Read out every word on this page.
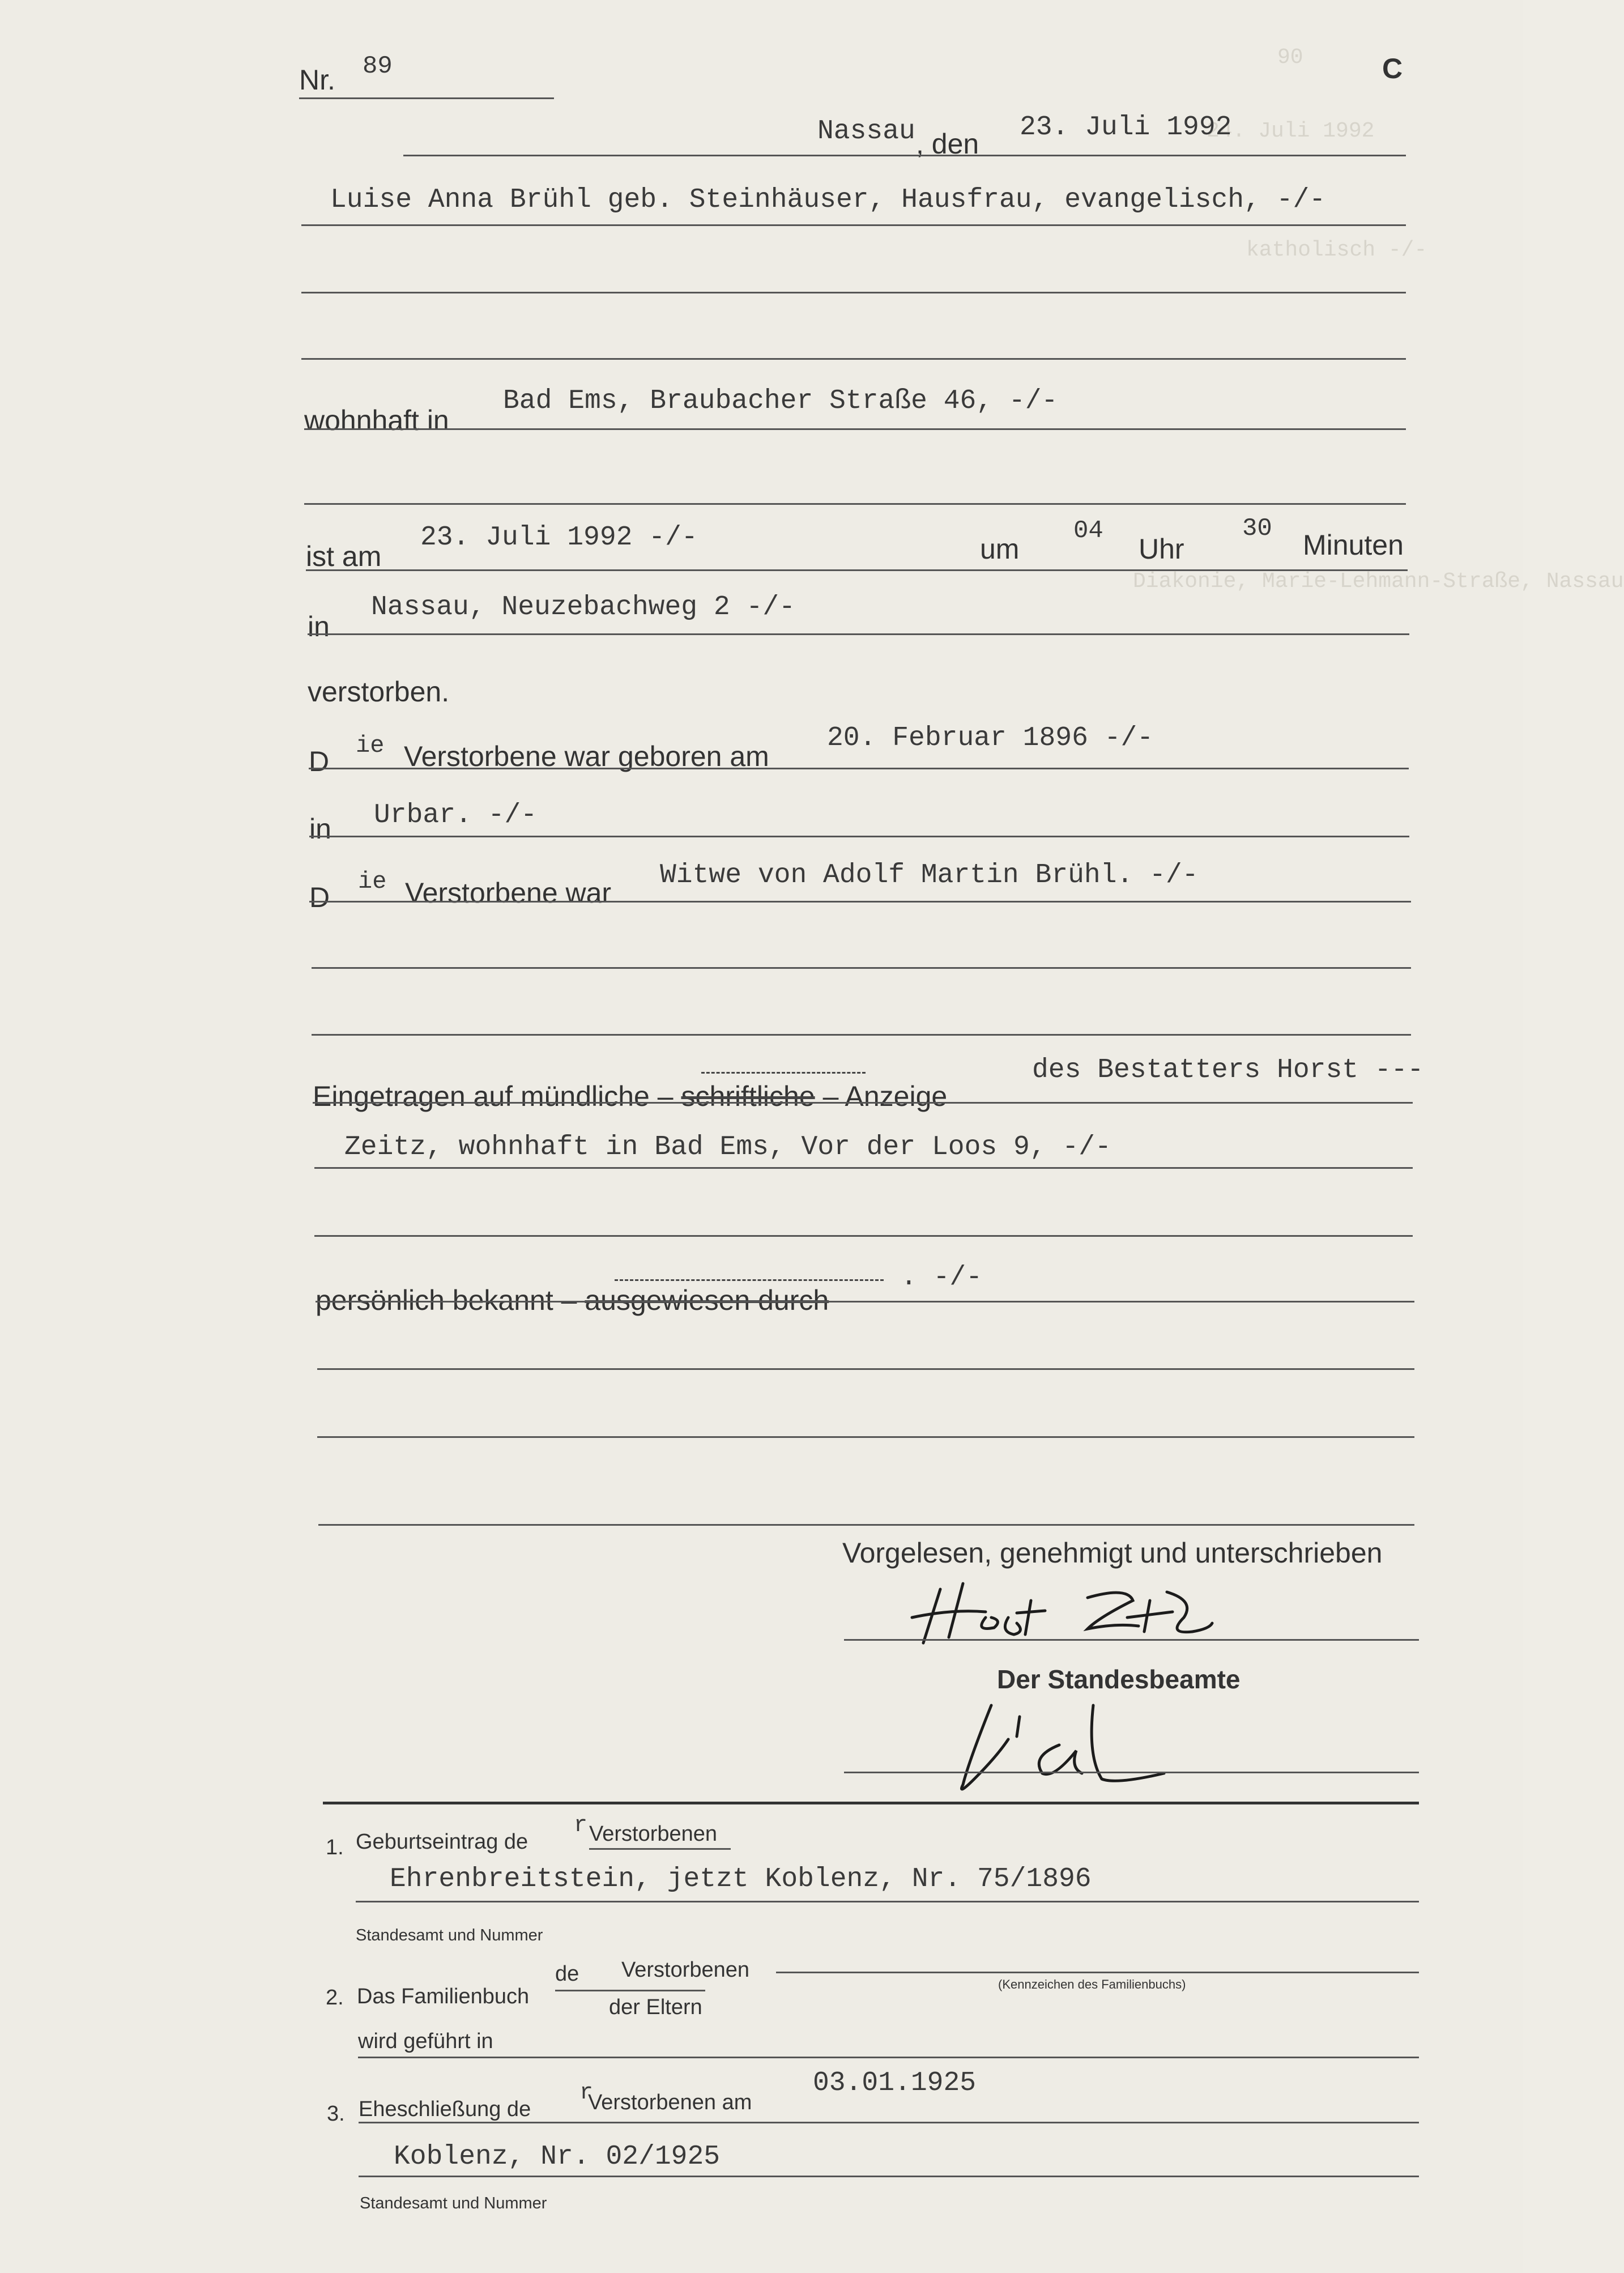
90
24. Juli 1992
katholisch -/-
Diakonie, Marie-Lehmann-Straße, Nassau
Nr. 89	C
Nassau , den
23. Juli 1992
Luise Anna Brühl geb. Steinhäuser, Hausfrau, evangelisch, -/-
wohnhaft in
Bad Ems, Braubacher Straße 46, -/-
ist am
23. Juli 1992 -/-	um
04
Uhr
30
Minuten
in
Nassau, Neuzebachweg 2 -/-
verstorben.
D ie Verstorbene war geboren am
20. Februar 1896 -/-
in Urbar. -/-
D ie Verstorbene war
Witwe von Adolf Martin Brühl. -/-
Eingetragen auf mündliche – schriftliche – Anzeige
des Bestatters Horst ---
Zeitz, wohnhaft in Bad Ems, Vor der Loos 9, -/-
persönlich bekannt – ausgewiesen durch
. -/-
Vorgelesen, genehmigt und unterschrieben
Der Standesbeamte
1. Geburtseintrag de
r Verstorbenen
Ehrenbreitstein, jetzt Koblenz, Nr. 75/1896
Standesamt und Nummer
2. Das Familienbuch
de Verstorbenen
der Eltern
(Kennzeichen des Familienbuchs)
wird geführt in
3. Eheschließung de
r
Verstorbenen am
03.01.1925
Koblenz, Nr. 02/1925
Standesamt und Nummer
